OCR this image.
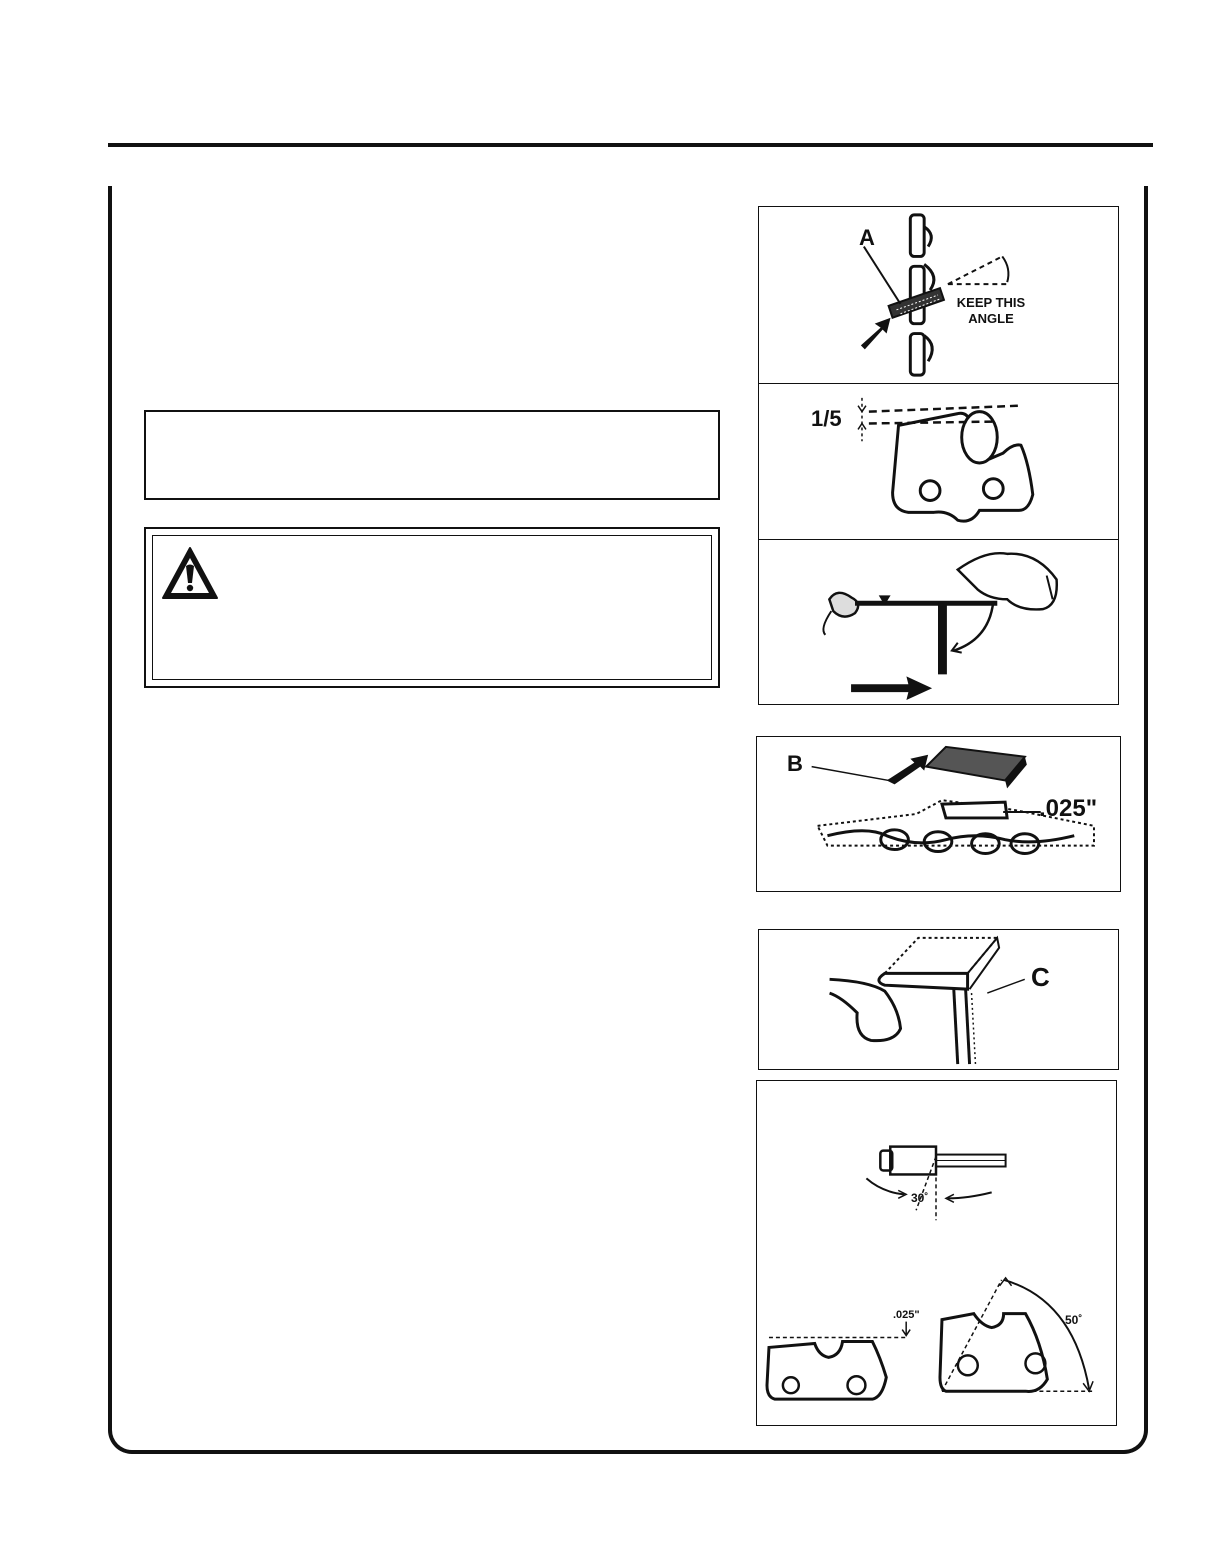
A
KEEP THIS
ANGLE
1/5
B
.025"
C
30˚
.025"	50˚
